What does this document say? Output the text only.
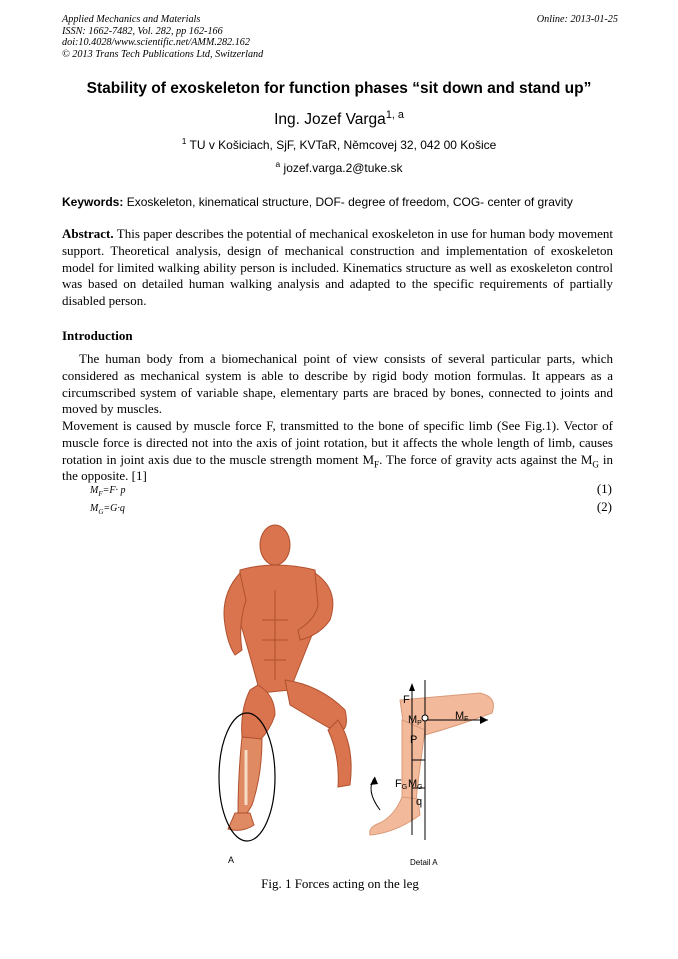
Applied Mechanics and Materials
ISSN: 1662-7482, Vol. 282, pp 162-166
doi:10.4028/www.scientific.net/AMM.282.162
© 2013 Trans Tech Publications Ltd, Switzerland
Online: 2013-01-25
Stability of exoskeleton for function phases “sit down and stand up”
Ing. Jozef Varga$^{1, a}$
$^1$ TU v Košiciach, SjF, KVTaR, Němcovej 32, 042 00 Košice
$^a$ jozef.varga.2@tuke.sk
Keywords: Exoskeleton, kinematical structure, DOF- degree of freedom, COG- center of gravity

Abstract. This paper describes the potential of mechanical exoskeleton in use for human body movement support. Theoretical analysis, design of mechanical construction and implementation of exoskeleton model for limited walking ability person is included. Kinematics structure as well as exoskeleton control was based on detailed human walking analysis and adapted to the specific requirements of partially disabled person.

Introduction

The human body from a biomechanical point of view consists of several particular parts, which considered as mechanical system is able to describe by rigid body motion formulas. It appears as a circumscribed system of variable shape, elementary parts are braced by bones, connected to joints and moved by muscles.

Movement is caused by muscle force F, transmitted to the bone of specific limb (See Fig.1). Vector of muscle force is directed not into the axis of joint rotation, but it affects the whole length of limb, causes rotation in joint axis due to the muscle strength moment $M_F$. The force of gravity acts against the $M_G$ in the opposite. [1]

$M_F=F\cdot p$	(1)
$M_G=G\cdot q$	(2)
A	Detail A
F
MP
MF
P
FG MG
q
Fig. 1 Forces acting on the leg
